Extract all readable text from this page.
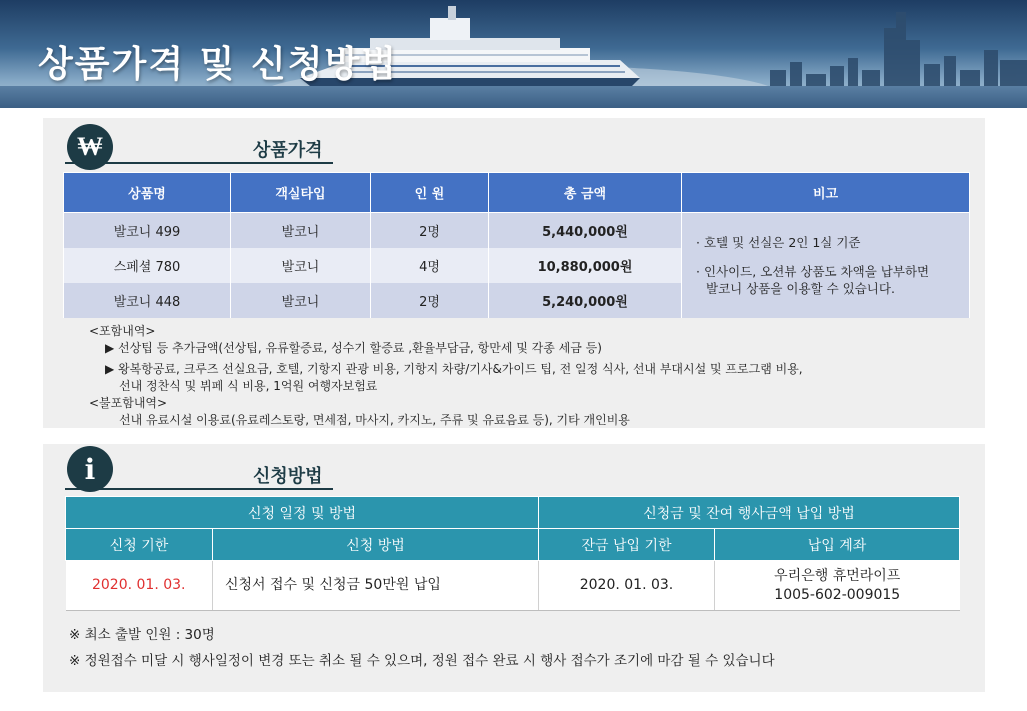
상품가격 및 신청방법
₩	상품가격
상품명	객실타입	인 원	총 금액	비고
발코니 499	발코니	2명	5,440,000원	· 호텔 및 선실은 2인 1실 기준
· 인사이드, 오션뷰 상품도 차액을 납부하면
발코니 상품을 이용할 수 있습니다.

스페셜 780	발코니	4명	10,880,000원	
발코니 448	발코니	2명	5,240,000원	
<포함내역>
▶ 선상팁 등 추가금액(선상팁, 유류할증료, 성수기 할증료 ,환율부담금, 항만세 및 각종 세금 등)
▶ 왕복항공료, 크루즈 선실요금, 호텔, 기항지 관광 비용, 기항지 차량/기사&가이드 팁, 전 일정 식사, 선내 부대시설 및 프로그램 비용,
선내 정찬식 및 뷔페 식 비용, 1억원 여행자보험료
<불포함내역>
선내 유료시설 이용료(유료레스토랑, 면세점, 마사지, 카지노, 주류 및 유료음료 등), 기타 개인비용
i	신청방법
신청 일정 및 방법		신청금 및 잔여 행사금액 납입 방법	
신청 기한	신청 방법	잔금 납입 기한	납입 계좌
2020. 01. 03.	신청서 접수 및 신청금 50만원 납입	2020. 01. 03.	우리은행 휴먼라이프
1005-602-009015
※ 최소 출발 인원 : 30명
※ 정원접수 미달 시 행사일정이 변경 또는 취소 될 수 있으며, 정원 접수 완료 시 행사 접수가 조기에 마감 될 수 있습니다
